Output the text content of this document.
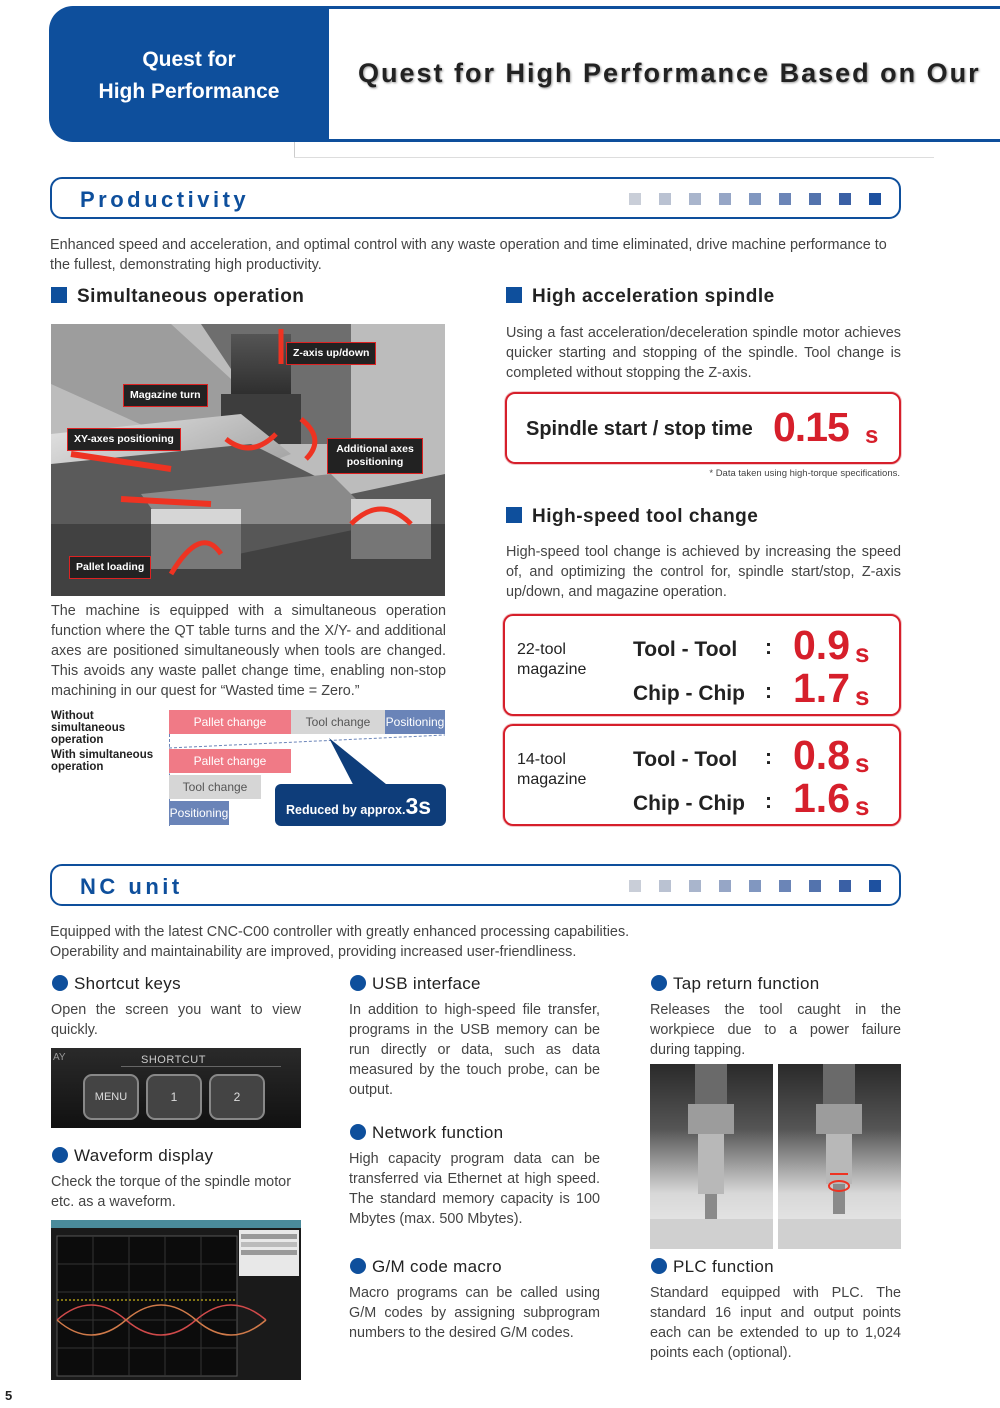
Quest for
High Performance
Quest for High Performance Based on Our
Productivity

Enhanced speed and acceleration, and optimal control with any waste operation and time eliminated, drive machine performance to the fullest, demonstrating high productivity.

Simultaneous operation
Z-axis up/down
Magazine turn
XY-axes positioning
Additional axes positioning
Pallet loading

The machine is equipped with a simultaneous operation function where the QT table turns and the X/Y- and additional axes are positioned simultaneously when tools are changed. This avoids any waste pallet change time, enabling non-stop machining in our quest for “Wasted time = Zero.”

Without simultaneous operation
With simultaneous operation
Pallet change	Tool change	Positioning
Pallet change
Tool change
Positioning	Reduced by approx.3s
High acceleration spindle

Using a fast acceleration/deceleration spindle motor achieves quicker starting and stopping of the spindle. Tool change is completed without stopping the Z-axis.

Spindle start / stop time 0.15 s
* Data taken using high-torque specifications.
High-speed tool change

High-speed tool change is achieved by increasing the speed of, and optimizing the control for, spindle start/stop, Z-axis up/down, and magazine operation.

22-tool magazine
Tool - Tool : 0.9 s
Chip - Chip : 1.7 s
14-tool magazine
Tool - Tool : 0.8 s
Chip - Chip : 1.6 s
NC unit

Equipped with the latest CNC-C00 controller with greatly enhanced processing capabilities.

Operability and maintainability are improved, providing increased user-friendliness.

Shortcut keys

Open the screen you want to view quickly.

AY	SHORTCUT
MENU	1	2
Waveform display

Check the torque of the spindle motor etc. as a waveform.

USB interface

In addition to high-speed file transfer, programs in the USB memory can be run directly or data, such as data measured by the touch probe, can be output.

Network function

High capacity program data can be transferred via Ethernet at high speed. The standard memory capacity is 100 Mbytes (max. 500 Mbytes).

G/M code macro

Macro programs can be called using G/M codes by assigning subprogram numbers to the desired G/M codes.

Tap return function

Releases the tool caught in the workpiece due to a power failure during tapping.

PLC function

Standard equipped with PLC. The standard 16 input and output points each can be extended to up to 1,024 points each (optional).

5
